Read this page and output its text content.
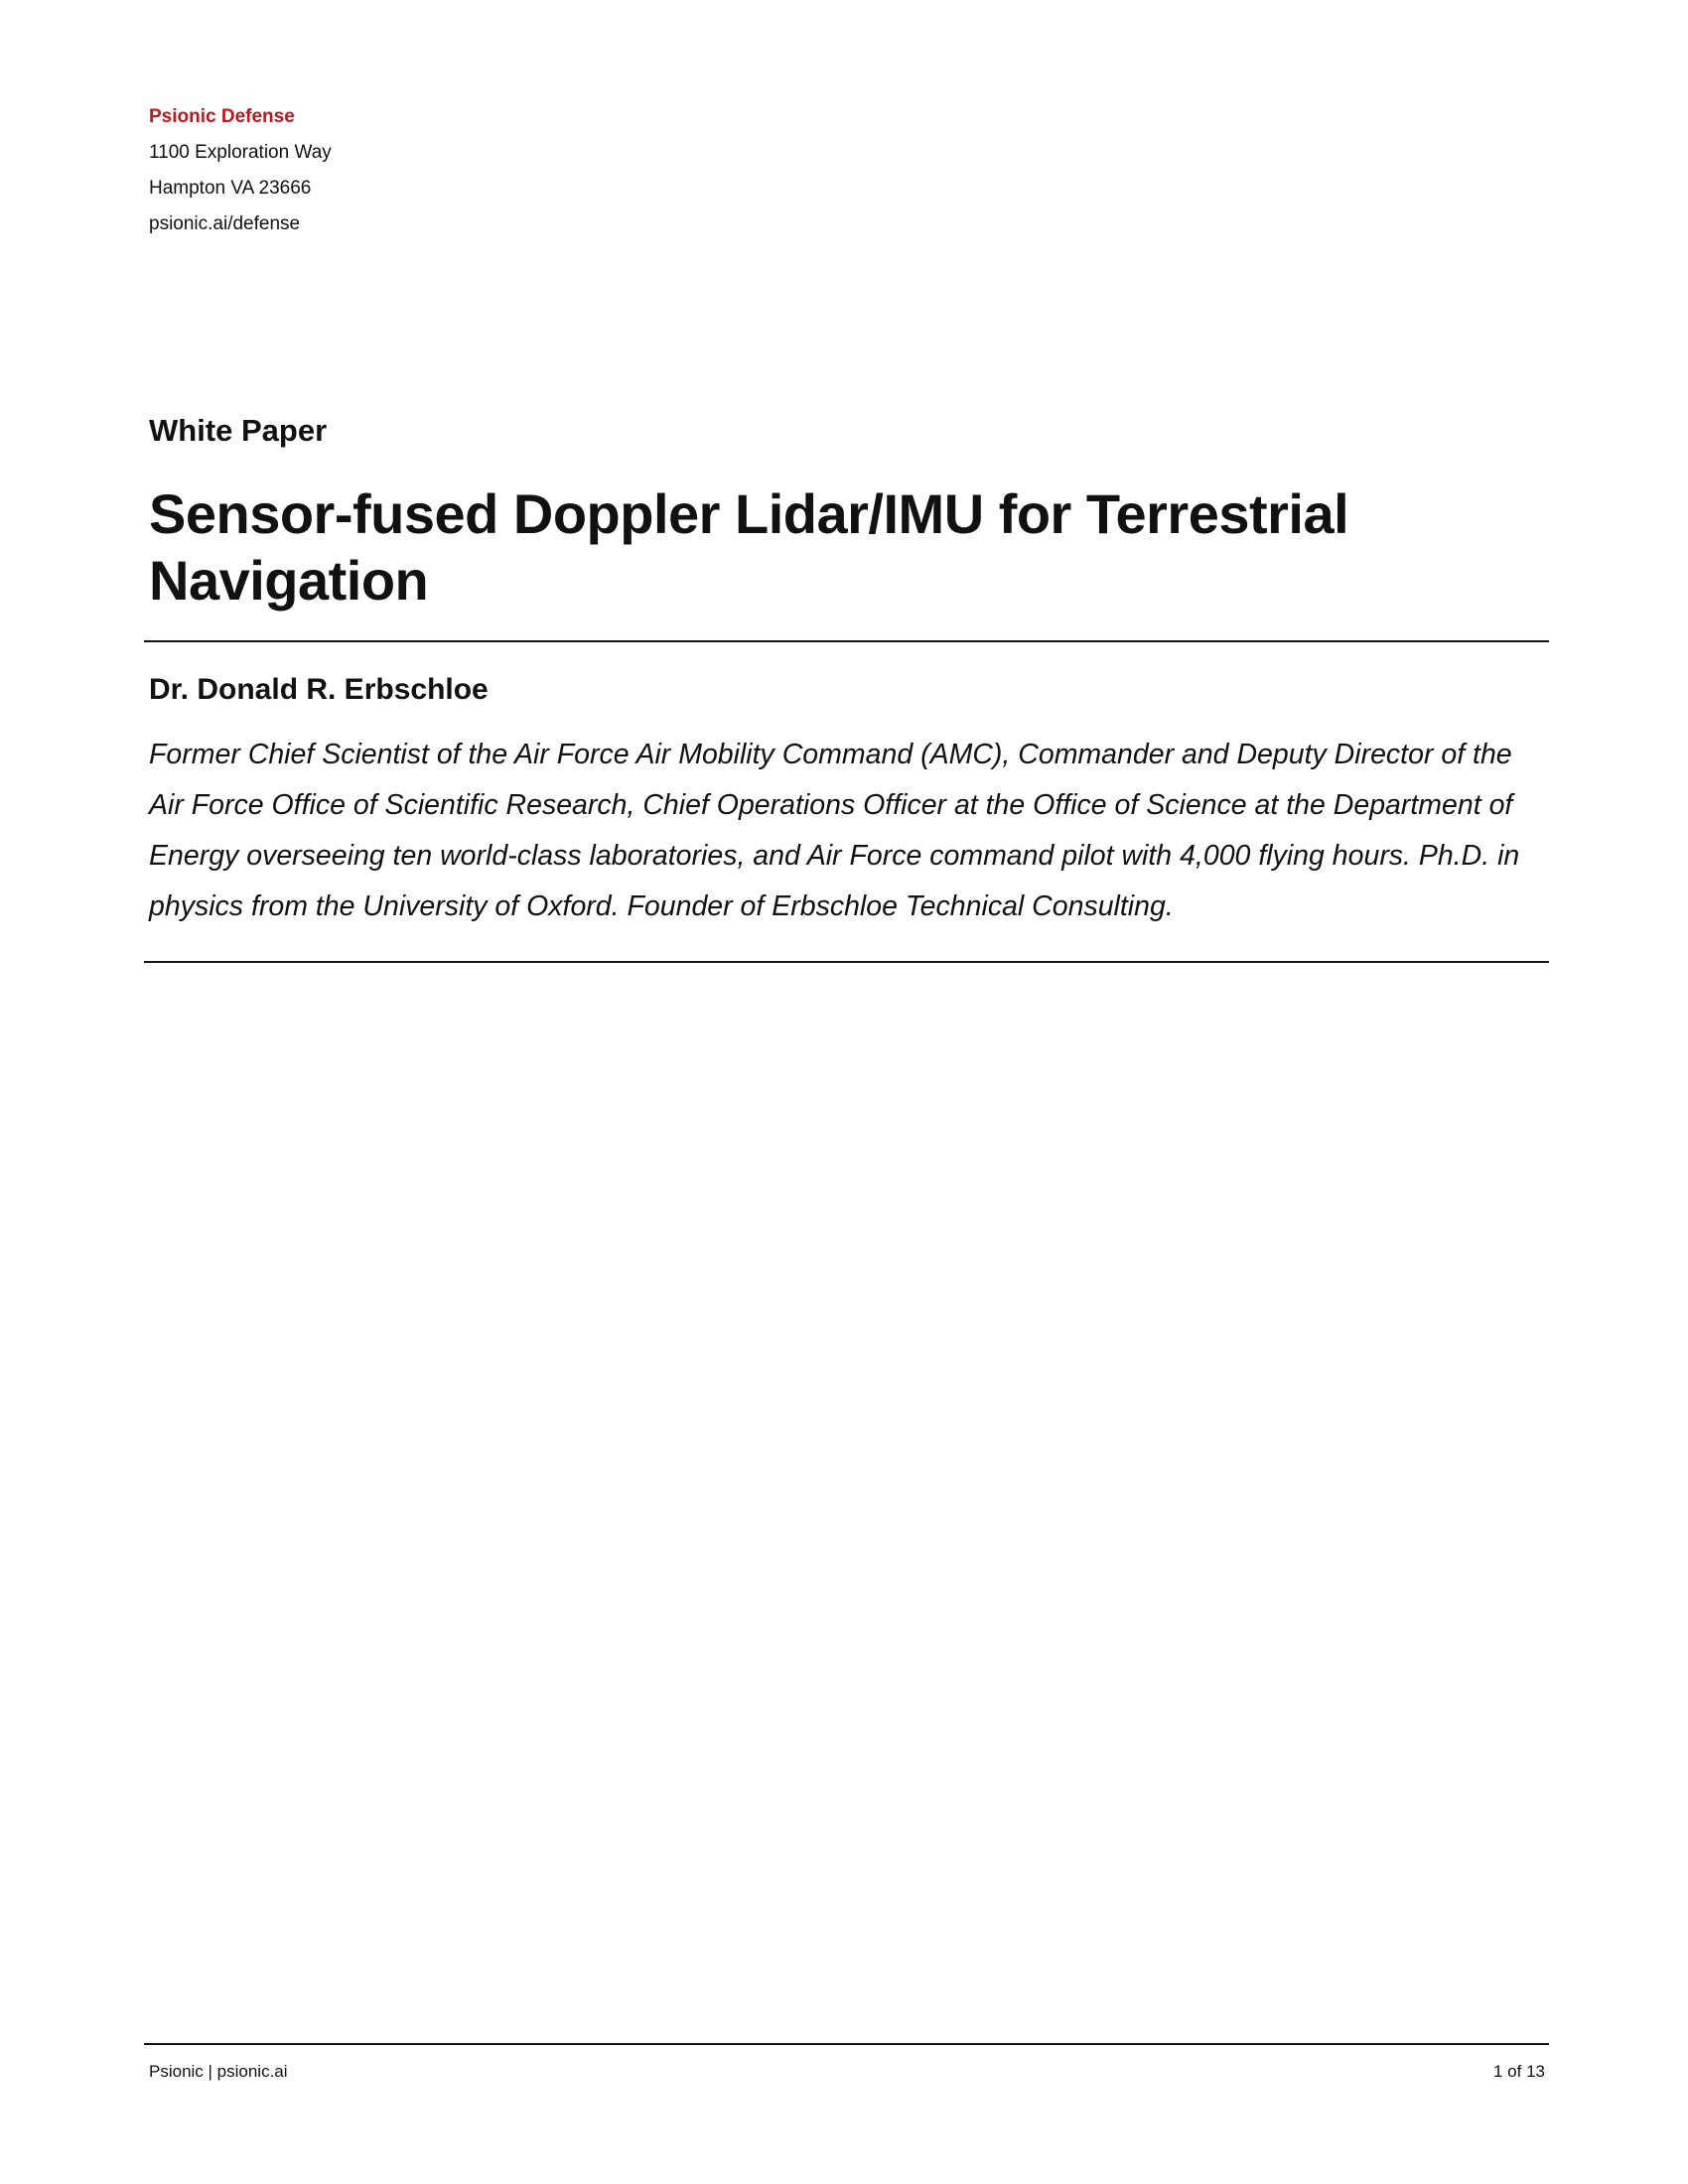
Psionic Defense
1100 Exploration Way
Hampton VA 23666
psionic.ai/defense
White Paper
Sensor-fused Doppler Lidar/IMU for Terrestrial Navigation
Dr. Donald R. Erbschloe
Former Chief Scientist of the Air Force Air Mobility Command (AMC), Commander and Deputy Director of the Air Force Office of Scientific Research, Chief Operations Officer at the Office of Science at the Department of Energy overseeing ten world-class laboratories, and Air Force command pilot with 4,000 flying hours. Ph.D. in physics from the University of Oxford. Founder of Erbschloe Technical Consulting.
Psionic | psionic.ai	1 of 13
